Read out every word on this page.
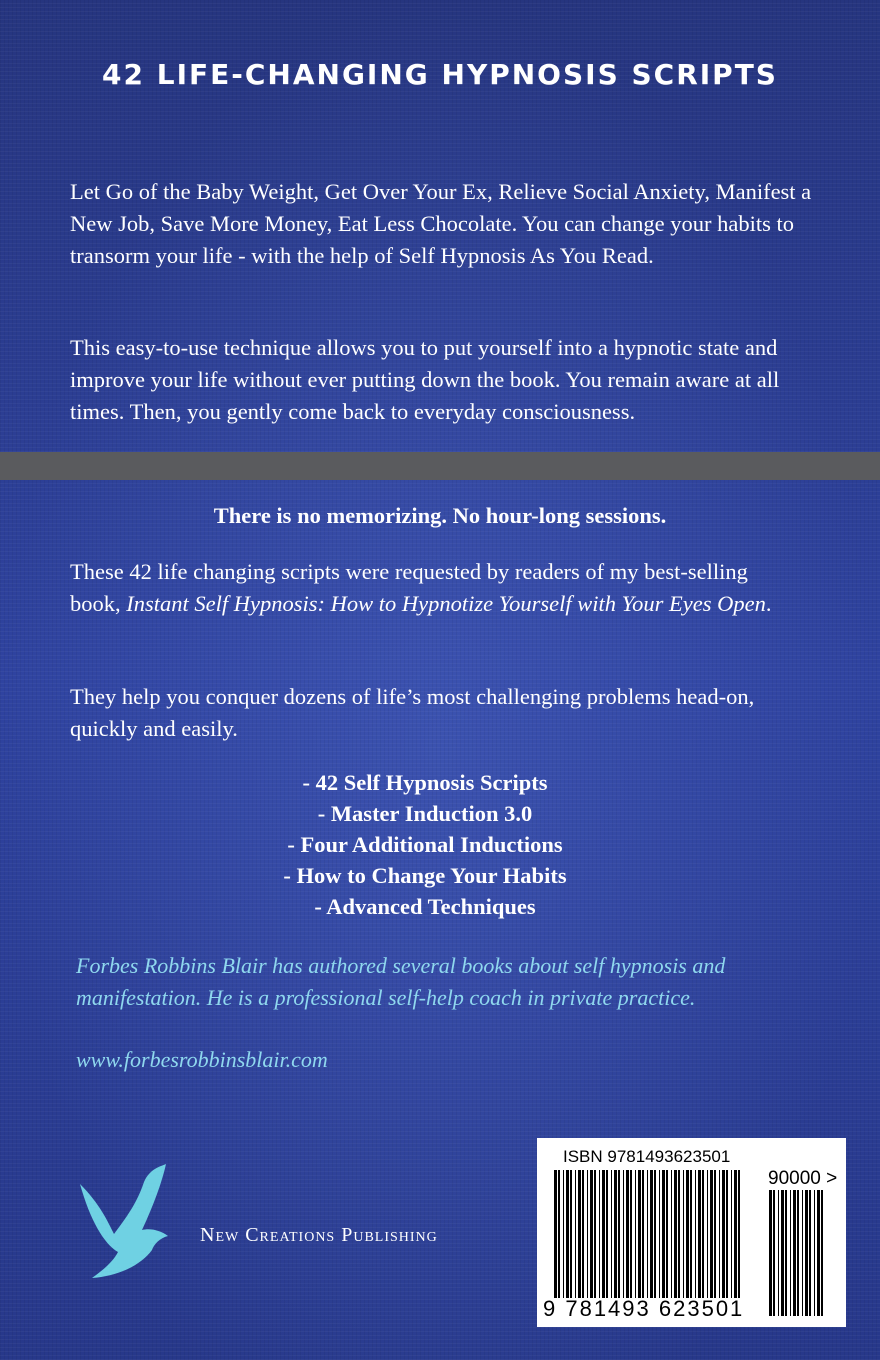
42 LIFE-CHANGING HYPNOSIS SCRIPTS

Let Go of the Baby Weight, Get Over Your Ex, Relieve Social Anxiety, Manifest a New Job, Save More Money, Eat Less Chocolate. You can change your habits to transorm your life - with the help of Self Hypnosis As You Read.

This easy-to-use technique allows you to put yourself into a hypnotic state and improve your life without ever putting down the book. You remain aware at all times. Then, you gently come back to everyday consciousness.

There is no memorizing. No hour-long sessions.

These 42 life changing scripts were requested by readers of my best-selling book, Instant Self Hypnosis: How to Hypnotize Yourself with Your Eyes Open.

They help you conquer dozens of life’s most challenging problems head-on, quickly and easily.

- 42 Self Hypnosis Scripts
- Master Induction 3.0
- Four Additional Inductions
- How to Change Your Habits
- Advanced Techniques

Forbes Robbins Blair has authored several books about self hypnosis and manifestation. He is a professional self-help coach in private practice.

www.forbesrobbinsblair.com

New Creations Publishing
ISBN 9781493623501
90000 >
9 781493 623501
